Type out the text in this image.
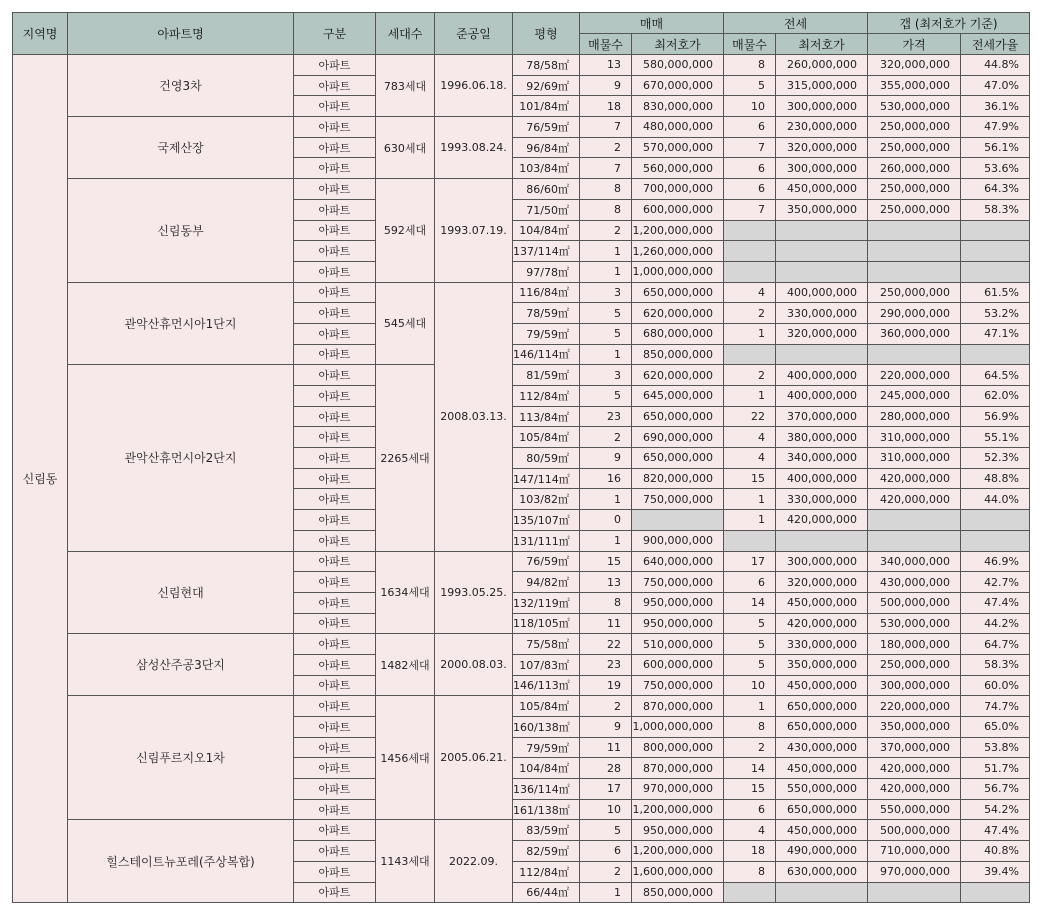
지역명	아파트명	구분	세대수	준공일	평형	매매		전세		갭 (최저호가 기준)	
						매물수	최저호가	매물수	최저호가	가격	전세가율
신림동	건영3차	아파트	783세대	1996.06.18.	78/58㎡	13	580,000,000	8	260,000,000	320,000,000	44.8%
		아파트			92/69㎡	9	670,000,000	5	315,000,000	355,000,000	47.0%
		아파트			101/84㎡	18	830,000,000	10	300,000,000	530,000,000	36.1%
	국제산장	아파트	630세대	1993.08.24.	76/59㎡	7	480,000,000	6	230,000,000	250,000,000	47.9%
		아파트			96/84㎡	2	570,000,000	7	320,000,000	250,000,000	56.1%
		아파트			103/84㎡	7	560,000,000	6	300,000,000	260,000,000	53.6%
	신림동부	아파트	592세대	1993.07.19.	86/60㎡	8	700,000,000	6	450,000,000	250,000,000	64.3%
		아파트			71/50㎡	8	600,000,000	7	350,000,000	250,000,000	58.3%
		아파트			104/84㎡	2	1,200,000,000				
		아파트			137/114㎡	1	1,260,000,000				
		아파트			97/78㎡	1	1,000,000,000				
	관악산휴먼시아1단지	아파트	545세대	2008.03.13.	116/84㎡	3	650,000,000	4	400,000,000	250,000,000	61.5%
		아파트			78/59㎡	5	620,000,000	2	330,000,000	290,000,000	53.2%
		아파트			79/59㎡	5	680,000,000	1	320,000,000	360,000,000	47.1%
		아파트			146/114㎡	1	850,000,000				
	관악산휴먼시아2단지	아파트	2265세대		81/59㎡	3	620,000,000	2	400,000,000	220,000,000	64.5%
		아파트			112/84㎡	5	645,000,000	1	400,000,000	245,000,000	62.0%
		아파트			113/84㎡	23	650,000,000	22	370,000,000	280,000,000	56.9%
		아파트			105/84㎡	2	690,000,000	4	380,000,000	310,000,000	55.1%
		아파트			80/59㎡	9	650,000,000	4	340,000,000	310,000,000	52.3%
		아파트			147/114㎡	16	820,000,000	15	400,000,000	420,000,000	48.8%
		아파트			103/82㎡	1	750,000,000	1	330,000,000	420,000,000	44.0%
		아파트			135/107㎡	0		1	420,000,000		
		아파트			131/111㎡	1	900,000,000				
	신림현대	아파트	1634세대	1993.05.25.	76/59㎡	15	640,000,000	17	300,000,000	340,000,000	46.9%
		아파트			94/82㎡	13	750,000,000	6	320,000,000	430,000,000	42.7%
		아파트			132/119㎡	8	950,000,000	14	450,000,000	500,000,000	47.4%
		아파트			118/105㎡	11	950,000,000	5	420,000,000	530,000,000	44.2%
	삼성산주공3단지	아파트	1482세대	2000.08.03.	75/58㎡	22	510,000,000	5	330,000,000	180,000,000	64.7%
		아파트			107/83㎡	23	600,000,000	5	350,000,000	250,000,000	58.3%
		아파트			146/113㎡	19	750,000,000	10	450,000,000	300,000,000	60.0%
	신림푸르지오1차	아파트	1456세대	2005.06.21.	105/84㎡	2	870,000,000	1	650,000,000	220,000,000	74.7%
		아파트			160/138㎡	9	1,000,000,000	8	650,000,000	350,000,000	65.0%
		아파트			79/59㎡	11	800,000,000	2	430,000,000	370,000,000	53.8%
		아파트			104/84㎡	28	870,000,000	14	450,000,000	420,000,000	51.7%
		아파트			136/114㎡	17	970,000,000	15	550,000,000	420,000,000	56.7%
		아파트			161/138㎡	10	1,200,000,000	6	650,000,000	550,000,000	54.2%
	힐스테이트뉴포레(주상복합)	아파트	1143세대	2022.09.	83/59㎡	5	950,000,000	4	450,000,000	500,000,000	47.4%
		아파트			82/59㎡	6	1,200,000,000	18	490,000,000	710,000,000	40.8%
		아파트			112/84㎡	2	1,600,000,000	8	630,000,000	970,000,000	39.4%
		아파트			66/44㎡	1	850,000,000				
